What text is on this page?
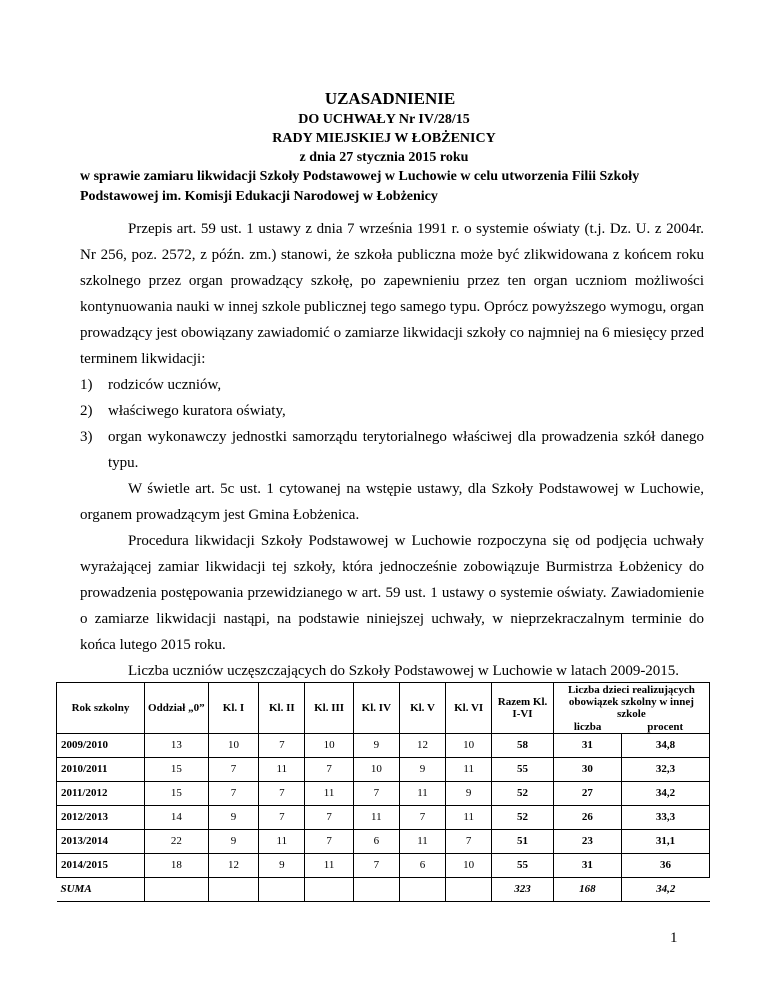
UZASADNIENIE
DO UCHWAŁY Nr IV/28/15
RADY MIEJSKIEJ W ŁOBŻENICY
z dnia 27 stycznia 2015 roku
w sprawie zamiaru likwidacji Szkoły Podstawowej w Luchowie w celu utworzenia Filii Szkoły Podstawowej im. Komisji Edukacji Narodowej w Łobżenicy

Przepis art. 59 ust. 1 ustawy z dnia 7 września 1991 r. o systemie oświaty (t.j. Dz. U. z 2004r. Nr 256, poz. 2572, z późn. zm.) stanowi, że szkoła publiczna może być zlikwidowana z końcem roku szkolnego przez organ prowadzący szkołę, po zapewnieniu przez ten organ uczniom możliwości kontynuowania nauki w innej szkole publicznej tego samego typu. Oprócz powyższego wymogu, organ prowadzący jest obowiązany zawiadomić o zamiarze likwidacji szkoły co najmniej na 6 miesięcy przed terminem likwidacji:

1) rodziców uczniów,
2) właściwego kuratora oświaty,
3) organ wykonawczy jednostki samorządu terytorialnego właściwej dla prowadzenia szkół danego typu.

W świetle art. 5c ust. 1 cytowanej na wstępie ustawy, dla Szkoły Podstawowej w Luchowie, organem prowadzącym jest Gmina Łobżenica.

Procedura likwidacji Szkoły Podstawowej w Luchowie rozpoczyna się od podjęcia uchwały wyrażającej zamiar likwidacji tej szkoły, która jednocześnie zobowiązuje Burmistrza Łobżenicy do prowadzenia postępowania przewidzianego w art. 59 ust. 1 ustawy o systemie oświaty. Zawiadomienie o zamiarze likwidacji nastąpi, na podstawie niniejszej uchwały, w nieprzekraczalnym terminie do końca lutego 2015 roku.

Liczba uczniów uczęszczających do Szkoły Podstawowej w Luchowie w latach 2009-2015.

Rok szkolny	Oddział „0”	Kl. I	Kl. II	Kl. III	Kl. IV	Kl. V	Kl. VI	Razem Kl. I-VI	Liczba dzieci realizujących obowiązek szkolny w innej szkole	
									liczba	procent
2009/2010	13	10	7	10	9	12	10	58	31	34,8
2010/2011	15	7	11	7	10	9	11	55	30	32,3
2011/2012	15	7	7	11	7	11	9	52	27	34,2
2012/2013	14	9	7	7	11	7	11	52	26	33,3
2013/2014	22	9	11	7	6	11	7	51	23	31,1
2014/2015	18	12	9	11	7	6	10	55	31	36
SUMA								323	168	34,2
1
